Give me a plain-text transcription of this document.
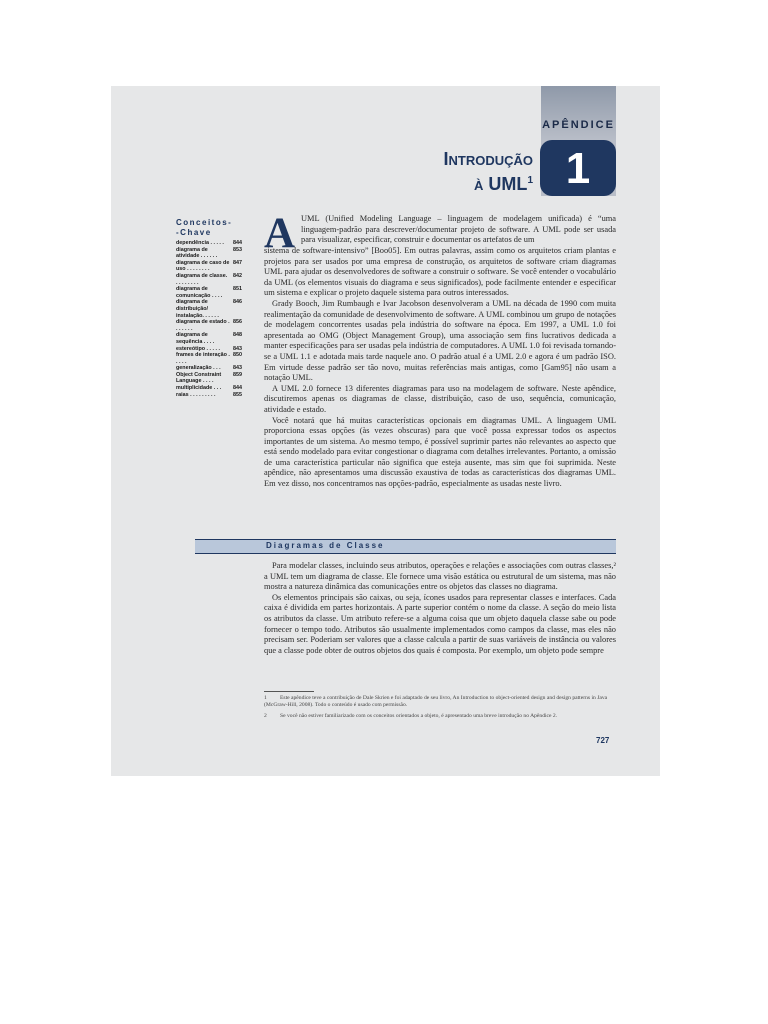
APÊNDICE
1
Introdução
à UML$^1$
Conceitos-
-Chave
dependência . . . . .	844
diagrama de atividade . . . . . .
853
diagrama de caso de uso . . . . . . . .
847
diagrama de classe. . . . . . . . .
842
diagrama de comunicação . . . .
851
diagrama de distribuição/ instalação. . . . . .
846
diagrama de estado . . . . . . .
856
diagrama de sequência . . . .
848
estereótipo . . . . .	843
frames de interação . . . . .
850
generalização . . .	843
Object Constraint Language . . . .
859
multiplicidade . . .	844
raias . . . . . . . . .	855
A UML (Unified Modeling Language – linguagem de modelagem unificada) é “uma linguagem-padrão para descrever/documentar projeto de software. A UML pode ser usada para visualizar, especificar, construir e documentar os artefatos de um

sistema de software-intensivo” [Boo05]. Em outras palavras, assim como os arquitetos criam plantas e projetos para ser usados por uma empresa de construção, os arquitetos de software criam diagramas UML para ajudar os desenvolvedores de software a construir o software. Se você entender o vocabulário da UML (os elementos visuais do diagrama e seus significados), pode facilmente entender e especificar um sistema e explicar o projeto daquele sistema para outros interessados.

Grady Booch, Jim Rumbaugh e Ivar Jacobson desenvolveram a UML na década de 1990 com muita realimentação da comunidade de desenvolvimento de software. A UML combinou um grupo de notações de modelagem concorrentes usadas pela indústria do software na época. Em 1997, a UML 1.0 foi apresentada ao OMG (Object Management Group), uma associação sem fins lucrativos dedicada a manter especificações para ser usadas pela indústria de computadores. A UML 1.0 foi revisada tornando-se a UML 1.1 e adotada mais tarde naquele ano. O padrão atual é a UML 2.0 e agora é um padrão ISO. Em virtude desse padrão ser tão novo, muitas referências mais antigas, como [Gam95] não usam a notação UML.

A UML 2.0 fornece 13 diferentes diagramas para uso na modelagem de software. Neste apêndice, discutiremos apenas os diagramas de classe, distribuição, caso de uso, sequência, comunicação, atividade e estado.

Você notará que há muitas características opcionais em diagramas UML. A linguagem UML proporciona essas opções (às vezes obscuras) para que você possa expressar todos os aspectos importantes de um sistema. Ao mesmo tempo, é possível suprimir partes não relevantes ao aspecto que está sendo modelado para evitar congestionar o diagrama com detalhes irrelevantes. Portanto, a omissão de uma característica particular não significa que esteja ausente, mas sim que foi suprimida. Neste apêndice, não apresentamos uma discussão exaustiva de todas as características dos diagramas UML. Em vez disso, nos concentramos nas opções-padrão, especialmente as usadas neste livro.

Diagramas de Classe

Para modelar classes, incluindo seus atributos, operações e relações e associações com outras classes,² a UML tem um diagrama de classe. Ele fornece uma visão estática ou estrutural de um sistema, mas não mostra a natureza dinâmica das comunicações entre os objetos das classes no diagrama.

Os elementos principais são caixas, ou seja, ícones usados para representar classes e interfaces. Cada caixa é dividida em partes horizontais. A parte superior contém o nome da classe. A seção do meio lista os atributos da classe. Um atributo refere-se a alguma coisa que um objeto daquela classe sabe ou pode fornecer o tempo todo. Atributos são usualmente implementados como campos da classe, mas eles não precisam ser. Poderiam ser valores que a classe calcula a partir de suas variáveis de instância ou valores que a classe pode obter de outros objetos dos quais é composta. Por exemplo, um objeto pode sempre

1 Este apêndice teve a contribuição de Dale Skrien e foi adaptado de seu livro, An Introduction to object-oriented design and design patterns in Java (McGraw-Hill, 2008). Todo o conteúdo é usado com permissão.

2 Se você não estiver familiarizado com os conceitos orientados a objeto, é apresentado uma breve introdução no Apêndice 2.

727
